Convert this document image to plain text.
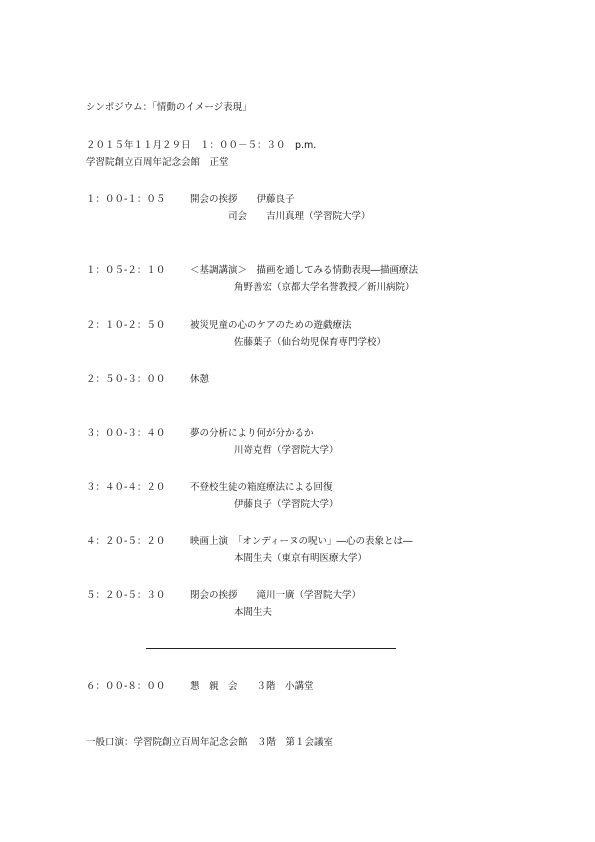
シンポジウム：「情動のイメージ表現」
２０１５年１１月２９日　１：００－５：３０　p.m.
学習院創立百周年記念会館　正堂
１：００-１：０５	開会の挨拶　　伊藤良子
司会　　吉川真理（学習院大学）
１：０５-２：１０	＜基調講演＞　描画を通してみる情動表現―描画療法
角野善宏（京都大学名誉教授／新川病院）
２：１０-２：５０	被災児童の心のケアのための遊戯療法
佐藤葉子（仙台幼児保育専門学校）
２：５０-３：００	休憩
３：００-３：４０	夢の分析により何が分かるか
川嵜克哲（学習院大学）
３：４０-４：２０	不登校生徒の箱庭療法による回復
伊藤良子（学習院大学）
４：２０-５：２０	映画上演　「オンディーヌの呪い」―心の表象とは―
本間生夫（東京有明医療大学）
５：２０-５：３０	閉会の挨拶　　滝川一廣（学習院大学）
本間生夫
６：００-８：００	懇　親　会　　３階　小講堂
一般口演：学習院創立百周年記念会館　３階　第１会議室
